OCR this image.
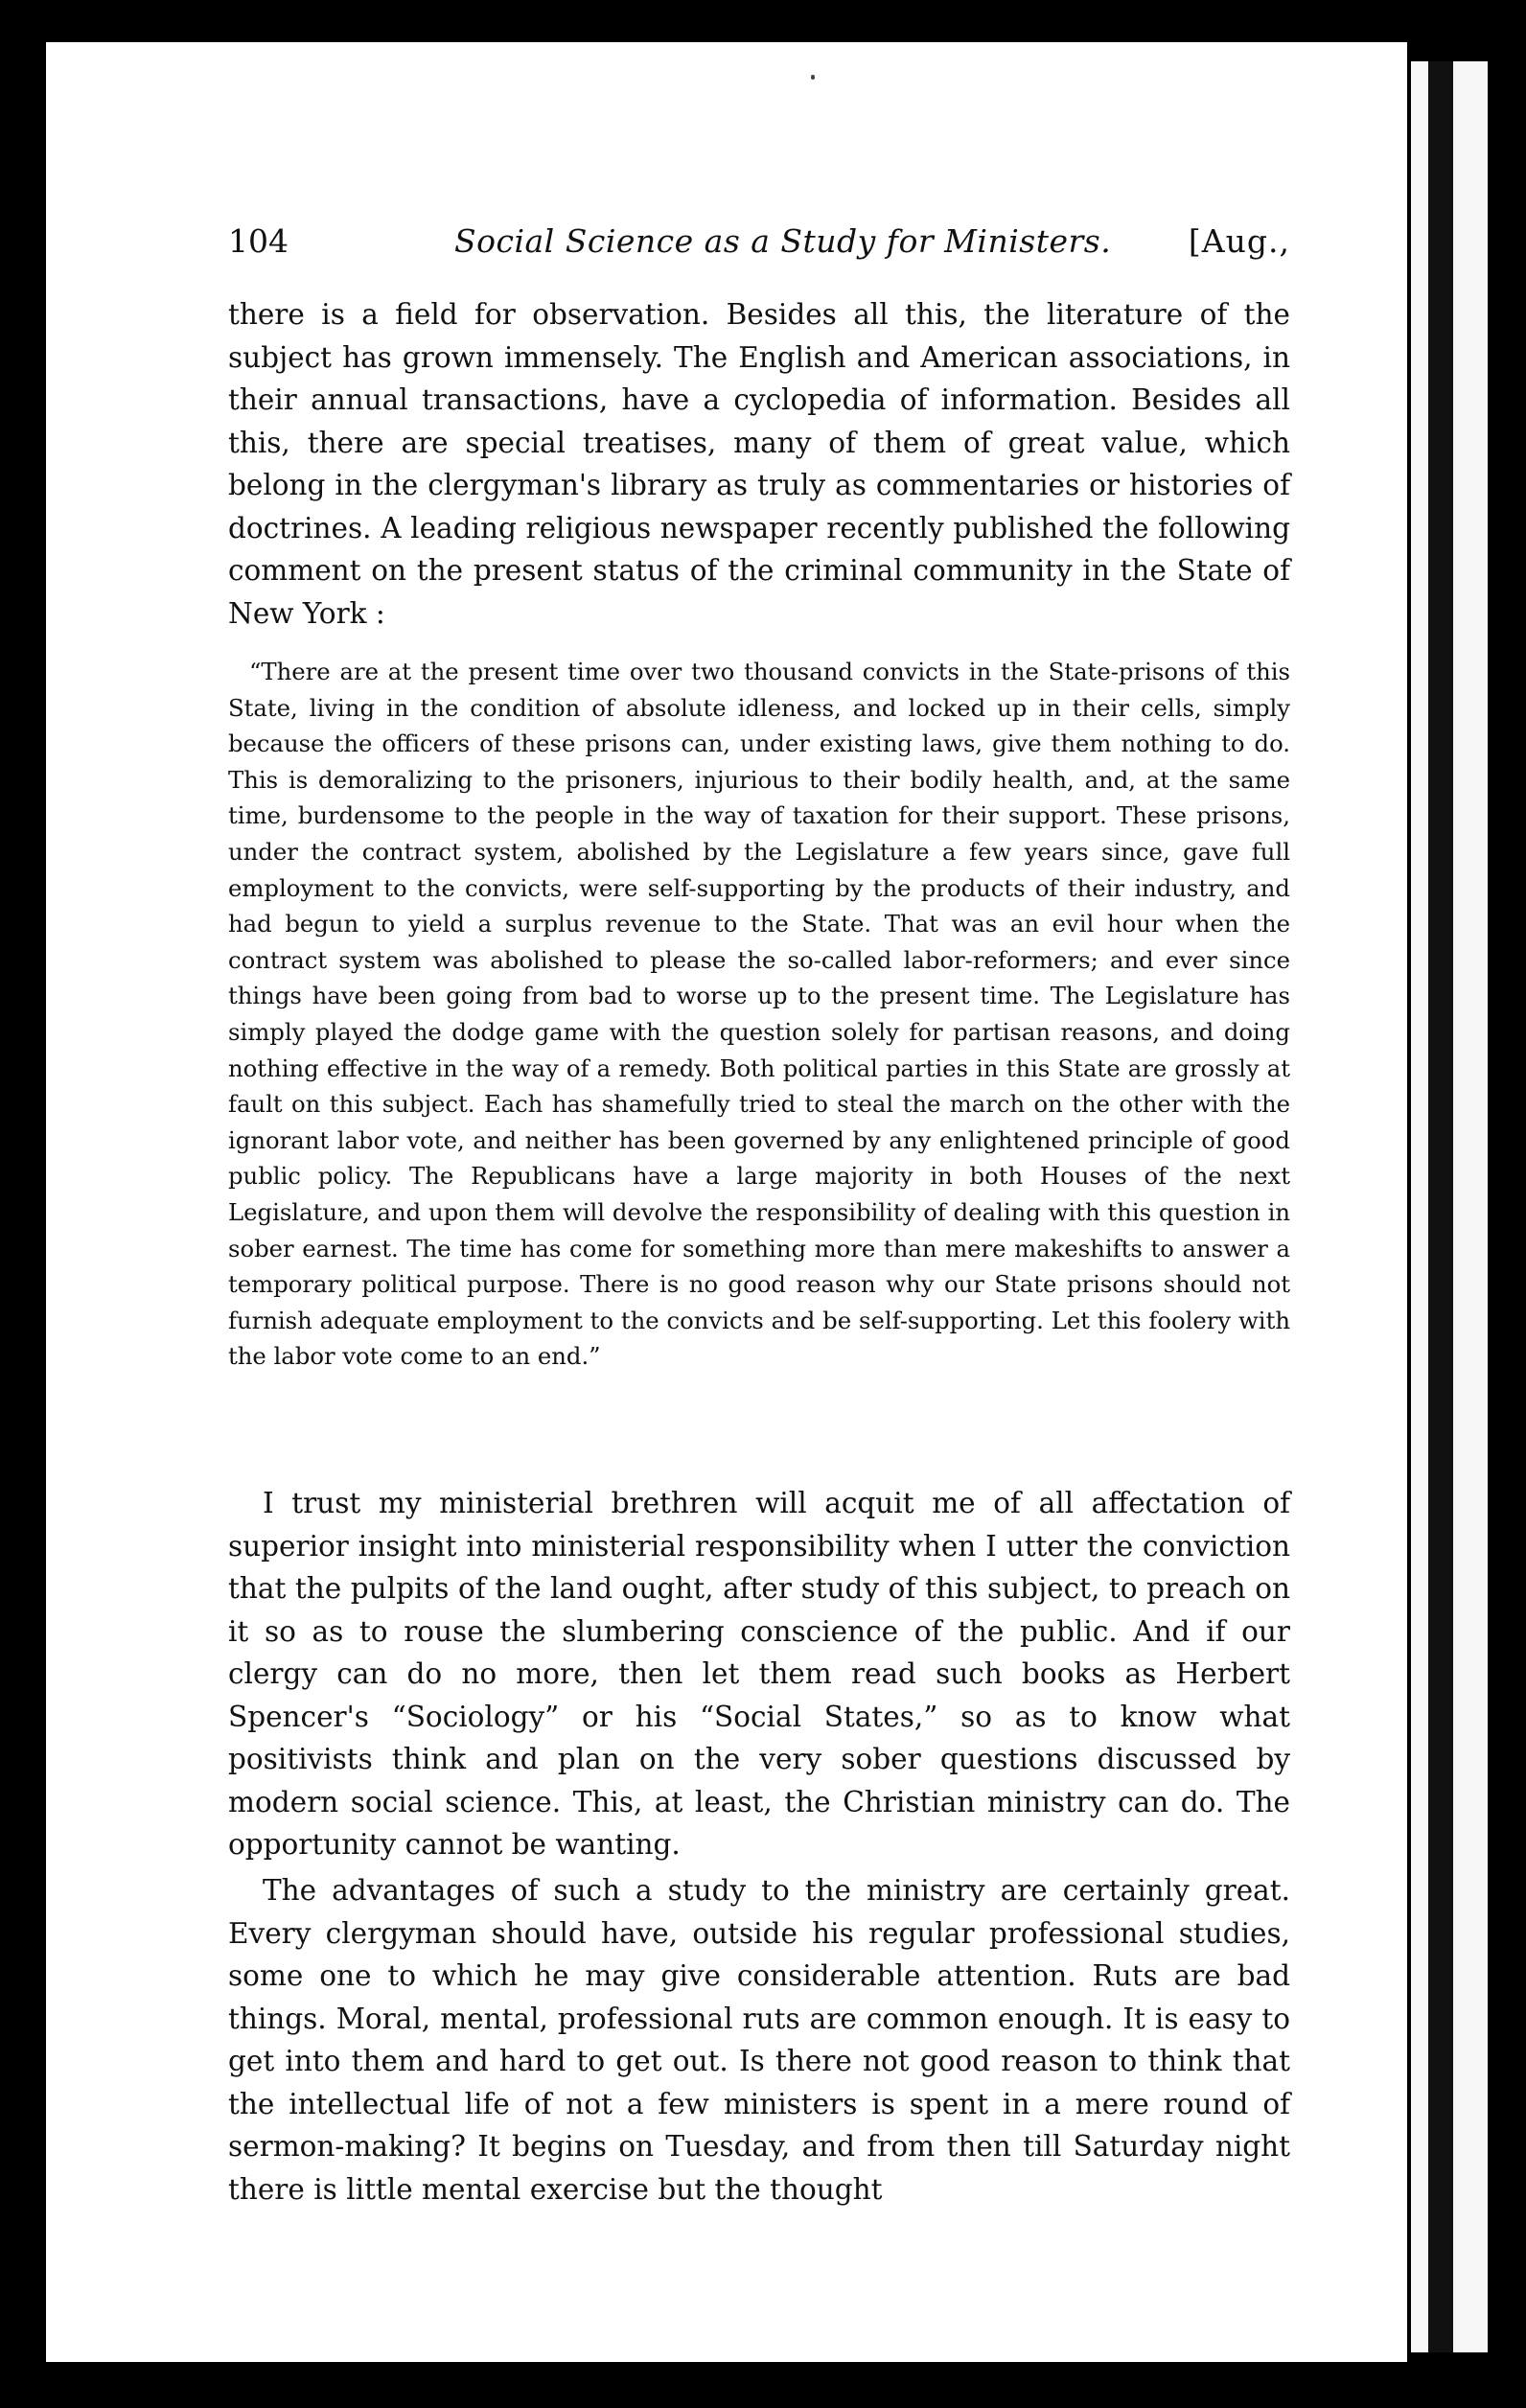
104	Social Science as a Study for Ministers. [Aug.,

there is a field for observation. Besides all this, the literature of the subject has grown immensely. The English and American associations, in their annual transactions, have a cyclopedia of information. Besides all this, there are special treatises, many of them of great value, which belong in the clergyman's library as truly as commentaries or histories of doctrines. A leading religious newspaper recently published the following comment on the present status of the criminal community in the State of New York :

“There are at the present time over two thousand convicts in the State-prisons of this State, living in the condition of absolute idleness, and locked up in their cells, simply because the officers of these prisons can, under existing laws, give them nothing to do. This is demoralizing to the prisoners, injurious to their bodily health, and, at the same time, burdensome to the people in the way of taxation for their support. These prisons, under the contract system, abolished by the Legislature a few years since, gave full employment to the convicts, were self-supporting by the products of their industry, and had begun to yield a surplus revenue to the State. That was an evil hour when the contract system was abolished to please the so-called labor-reformers; and ever since things have been going from bad to worse up to the present time. The Legislature has simply played the dodge game with the question solely for partisan reasons, and doing nothing effective in the way of a remedy. Both political parties in this State are grossly at fault on this subject. Each has shamefully tried to steal the march on the other with the ignorant labor vote, and neither has been governed by any enlightened principle of good public policy. The Republicans have a large majority in both Houses of the next Legislature, and upon them will devolve the responsibility of dealing with this question in sober earnest. The time has come for something more than mere makeshifts to answer a temporary political purpose. There is no good reason why our State prisons should not furnish adequate employment to the convicts and be self-supporting. Let this foolery with the labor vote come to an end.”

I trust my ministerial brethren will acquit me of all affectation of superior insight into ministerial responsibility when I utter the conviction that the pulpits of the land ought, after study of this subject, to preach on it so as to rouse the slumbering conscience of the public. And if our clergy can do no more, then let them read such books as Herbert Spencer's “Sociology” or his “Social States,” so as to know what positivists think and plan on the very sober questions discussed by modern social science. This, at least, the Christian ministry can do. The opportunity cannot be wanting.

The advantages of such a study to the ministry are certainly great. Every clergyman should have, outside his regular professional studies, some one to which he may give considerable attention. Ruts are bad things. Moral, mental, professional ruts are common enough. It is easy to get into them and hard to get out. Is there not good reason to think that the intellectual life of not a few ministers is spent in a mere round of sermon-making? It begins on Tuesday, and from then till Saturday night there is little mental exercise but the thought
